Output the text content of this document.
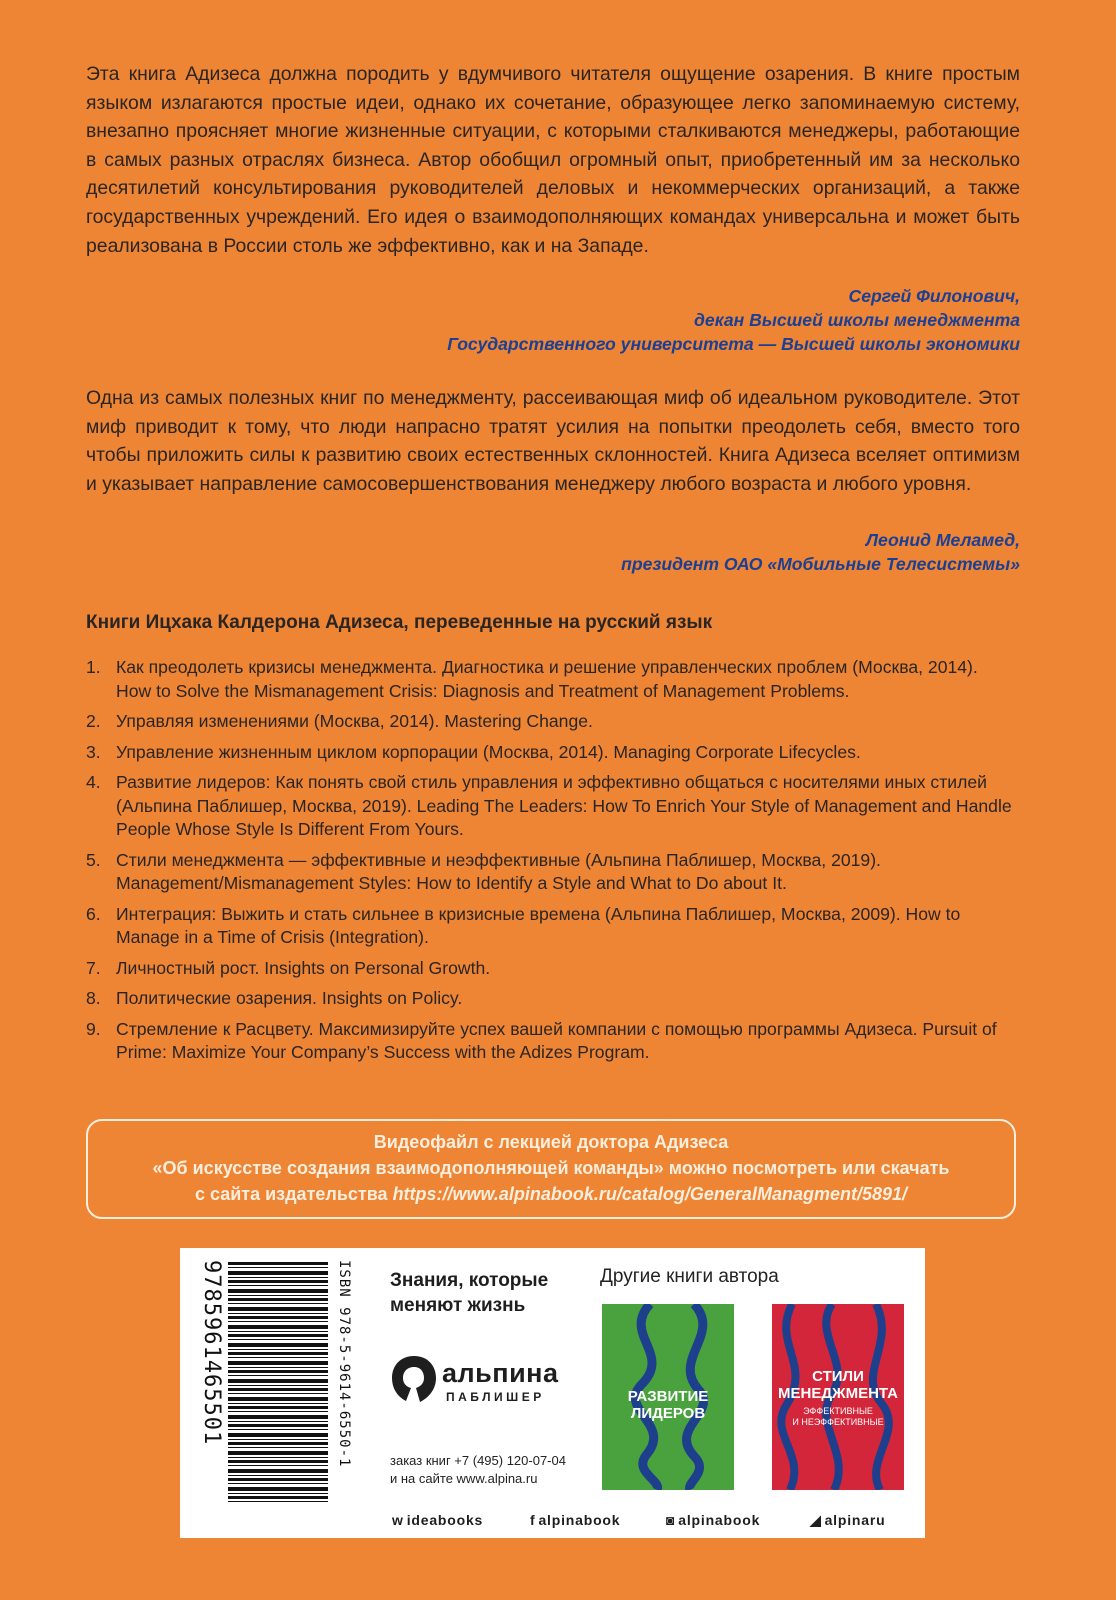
Эта книга Адизеса должна породить у вдумчивого читателя ощущение озарения. В книге простым языком излагаются простые идеи, однако их сочетание, образующее легко запоминаемую систему, внезапно проясняет многие жизненные ситуации, с которыми сталкиваются менеджеры, работающие в самых разных отраслях бизнеса. Автор обобщил огромный опыт, приобретенный им за несколько десятилетий консультирования руководителей деловых и некоммерческих организаций, а также государственных учреждений. Его идея о взаимодополняющих командах универсальна и может быть реализована в России столь же эффективно, как и на Западе.

Сергей Филонович,
декан Высшей школы менеджмента
Государственного университета — Высшей школы экономики

Одна из самых полезных книг по менеджменту, рассеивающая миф об идеальном руководителе. Этот миф приводит к тому, что люди напрасно тратят усилия на попытки преодолеть себя, вместо того чтобы приложить силы к развитию своих естественных склонностей. Книга Адизеса вселяет оптимизм и указывает направление самосовершенствования менеджеру любого возраста и любого уровня.

Леонид Меламед,
президент ОАО «Мобильные Телесистемы»
Книги Ицхака Калдерона Адизеса, переведенные на русский язык
1. Как преодолеть кризисы менеджмента. Диагностика и решение управленческих проблем (Москва, 2014). How to Solve the Mismanagement Crisis: Diagnosis and Treatment of Management Problems.
2. Управляя изменениями (Москва, 2014). Mastering Change.
3. Управление жизненным циклом корпорации (Москва, 2014). Managing Corporate Lifecycles.
4. Развитие лидеров: Как понять свой стиль управления и эффективно общаться с носителями иных стилей (Альпина Паблишер, Москва, 2019). Leading The Leaders: How To Enrich Your Style of Management and Handle People Whose Style Is Different From Yours.
5. Стили менеджмента — эффективные и неэффективные (Альпина Паблишер, Москва, 2019). Management/Mismanagement Styles: How to Identify a Style and What to Do about It.
6. Интеграция: Выжить и стать сильнее в кризисные времена (Альпина Паблишер, Москва, 2009). How to Manage in a Time of Crisis (Integration).
7. Личностный рост. Insights on Personal Growth.
8. Политические озарения. Insights on Policy.
9. Стремление к Расцвету. Максимизируйте успех вашей компании с помощью программы Адизеса. Pursuit of Prime: Maximize Your Company’s Success with the Adizes Program.
Видеофайл с лекцией доктора Адизеса
«Об искусстве создания взаимодополняющей команды» можно посмотреть или скачать
с сайта издательства https://www.alpinabook.ru/catalog/GeneralManagment/5891/
9785961465501	ISBN 978-5-9614-6550-1 Знания, которые
меняют жизнь
альпина
ПАБЛИШЕР
заказ книг +7 (495) 120-07-04
и на сайте www.alpina.ru
Другие книги автора
РАЗВИТИЕ ЛИДЕРОВ
СТИЛИ
МЕНЕДЖМЕНТА
ЭФФЕКТИВНЫЕ
И НЕЭФФЕКТИВНЫЕ
ᴡ ideabooks	f alpinabook	◙ alpinabook	◢ alpinaru
